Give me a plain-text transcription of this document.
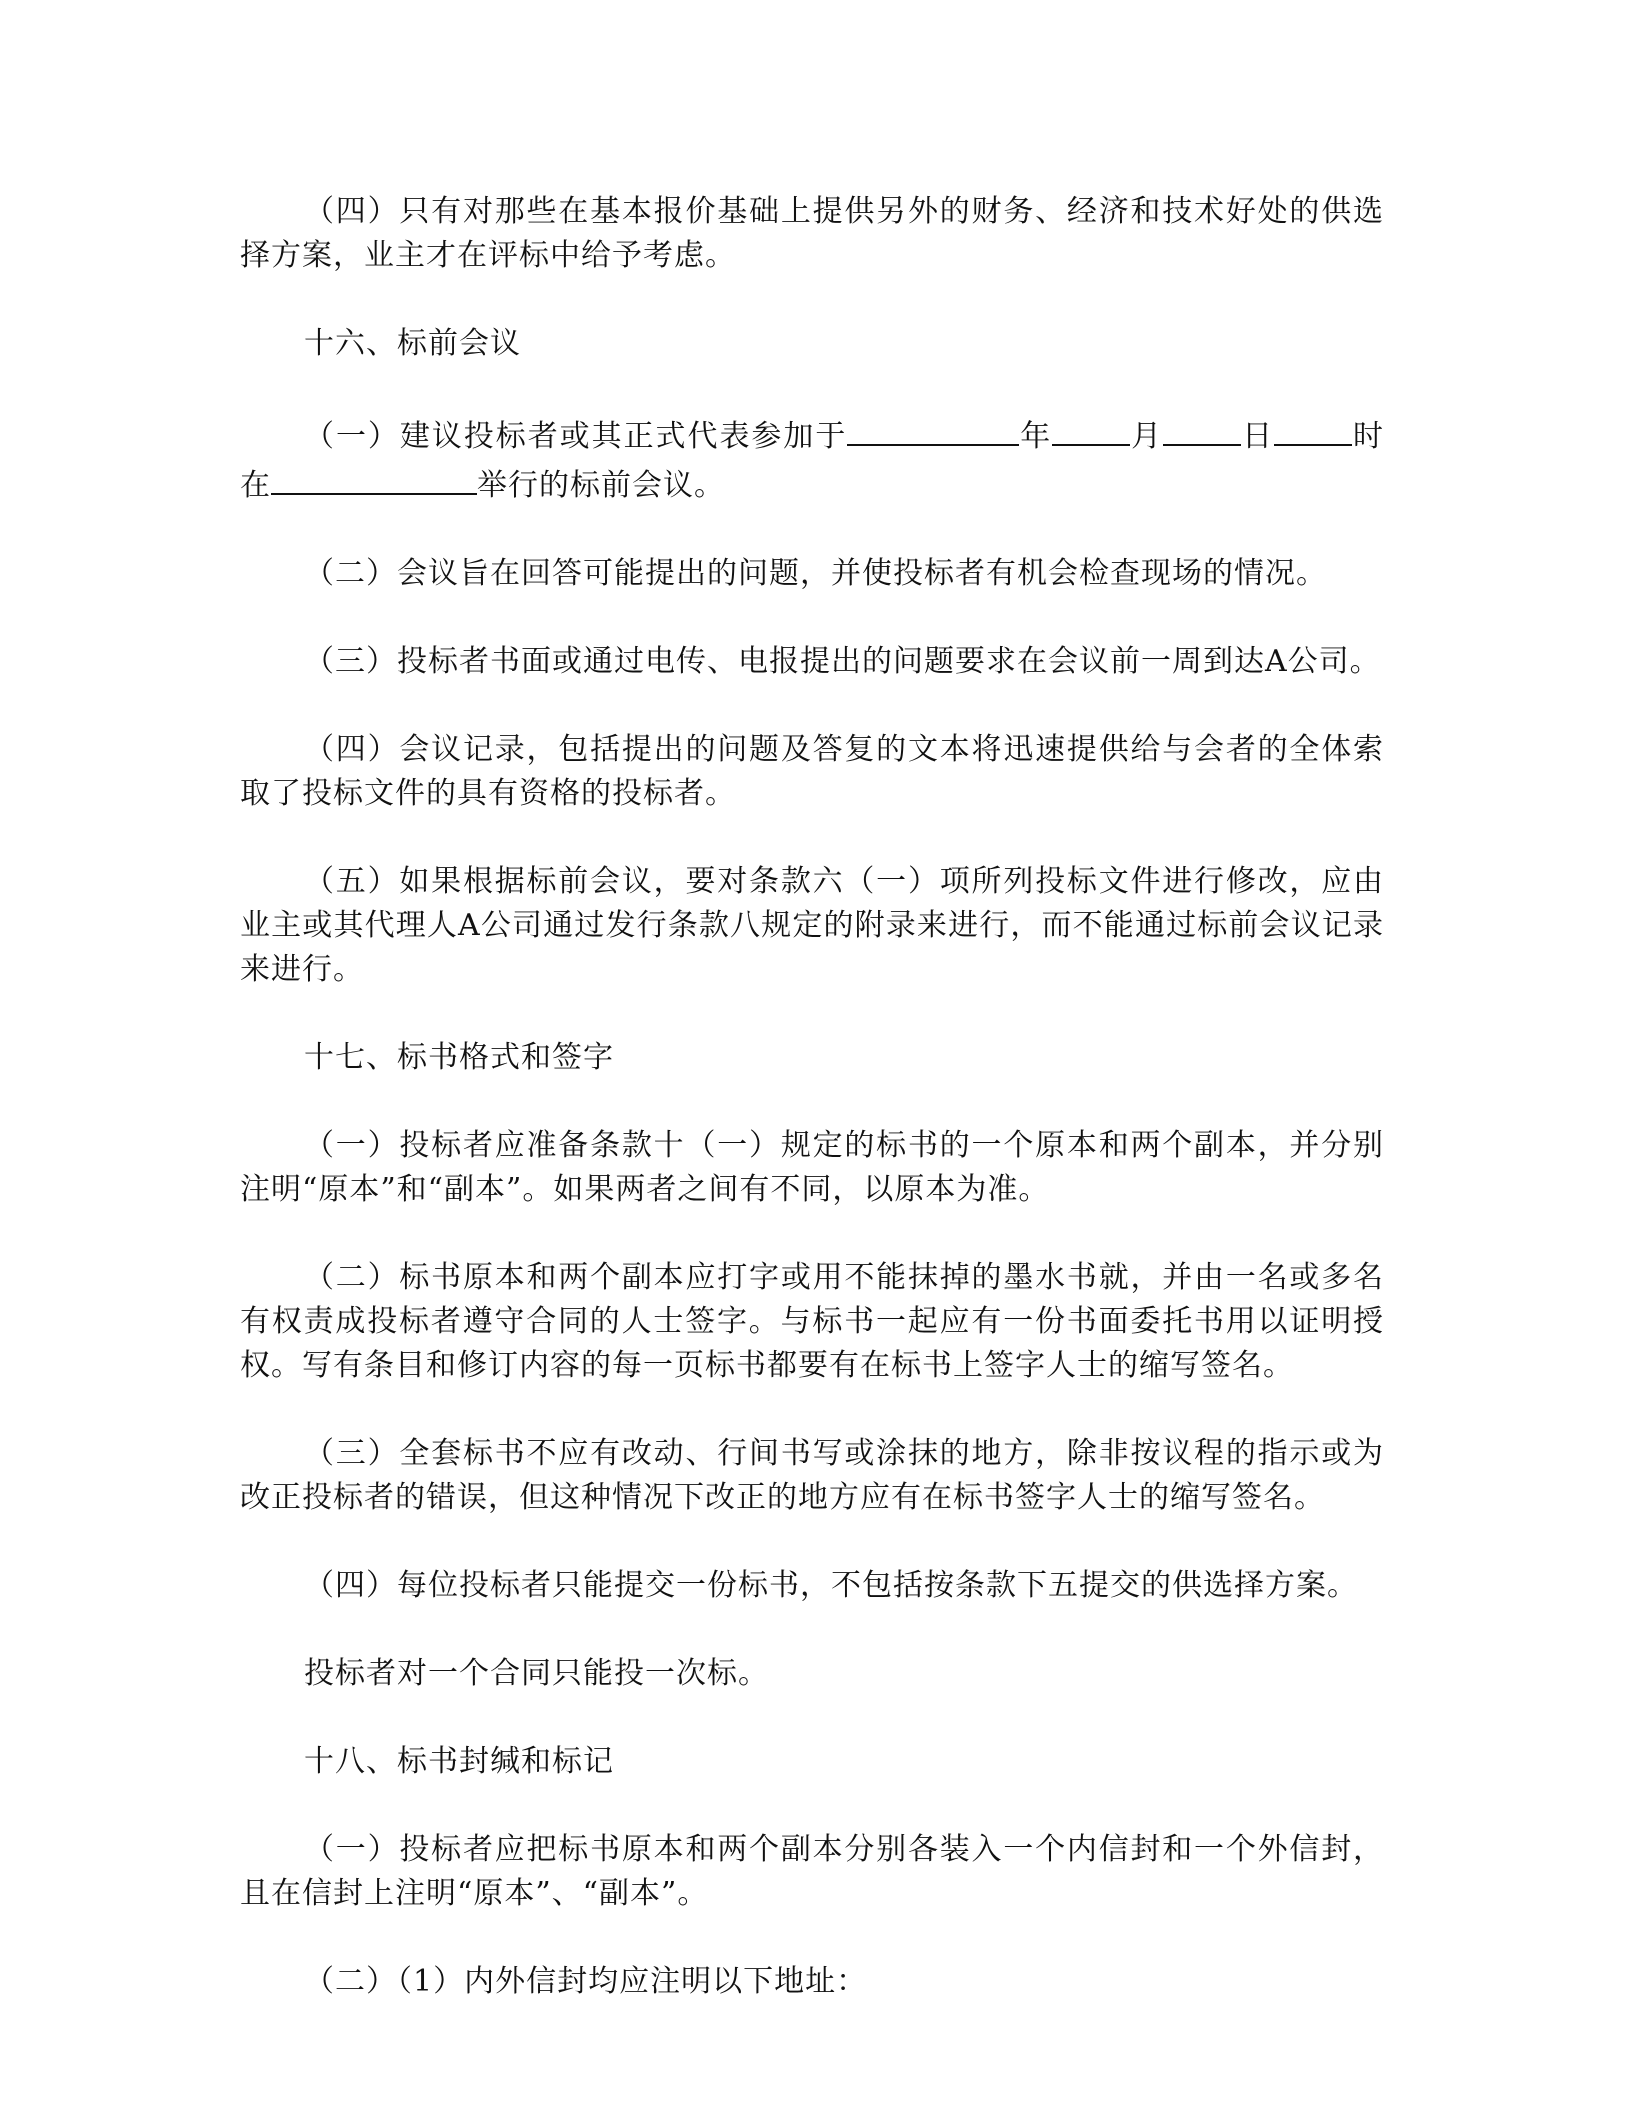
（四）只有对那些在基本报价基础上提供另外的财务、经济和技术好处的供选择方案，业主才在评标中给予考虑。

十六、标前会议

（一）建议投标者或其正式代表参加于	年	月	日	时在	举行的标前会议。

（二）会议旨在回答可能提出的问题，并使投标者有机会检查现场的情况。

（三）投标者书面或通过电传、电报提出的问题要求在会议前一周到达A公司。

（四）会议记录，包括提出的问题及答复的文本将迅速提供给与会者的全体索取了投标文件的具有资格的投标者。

（五）如果根据标前会议，要对条款六（一）项所列投标文件进行修改，应由业主或其代理人A公司通过发行条款八规定的附录来进行，而不能通过标前会议记录来进行。

十七、标书格式和签字

（一）投标者应准备条款十（一）规定的标书的一个原本和两个副本，并分别注明“原本”和“副本”。如果两者之间有不同，以原本为准。

（二）标书原本和两个副本应打字或用不能抹掉的墨水书就，并由一名或多名有权责成投标者遵守合同的人士签字。与标书一起应有一份书面委托书用以证明授权。写有条目和修订内容的每一页标书都要有在标书上签字人士的缩写签名。

（三）全套标书不应有改动、行间书写或涂抹的地方，除非按议程的指示或为改正投标者的错误，但这种情况下改正的地方应有在标书签字人士的缩写签名。

（四）每位投标者只能提交一份标书，不包括按条款下五提交的供选择方案。

投标者对一个合同只能投一次标。

十八、标书封缄和标记

（一）投标者应把标书原本和两个副本分别各装入一个内信封和一个外信封，且在信封上注明“原本”、“副本”。

（二）（1）内外信封均应注明以下地址：
